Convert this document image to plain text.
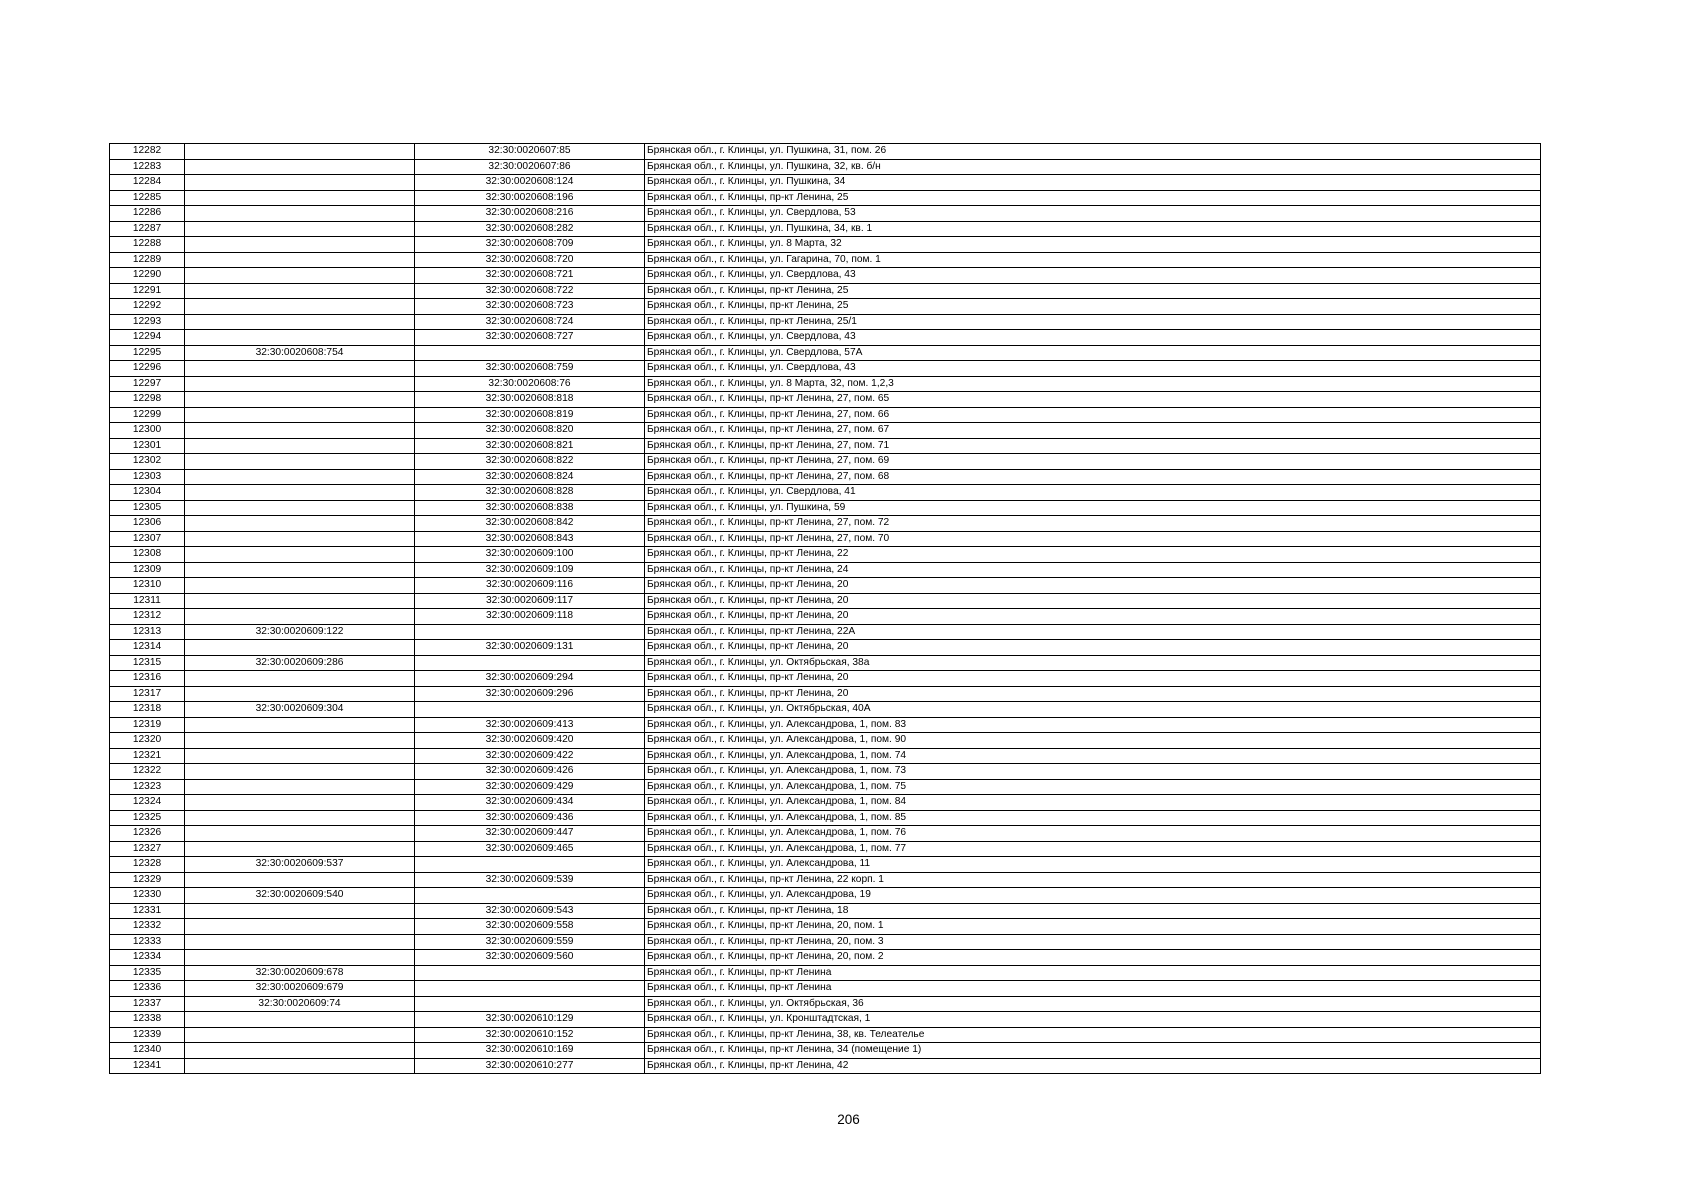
12282		32:30:0020607:85	Брянская обл., г. Клинцы, ул. Пушкина, 31, пом. 26
12283		32:30:0020607:86	Брянская обл., г. Клинцы, ул. Пушкина, 32, кв. б/н
12284		32:30:0020608:124	Брянская обл., г. Клинцы, ул. Пушкина, 34
12285		32:30:0020608:196	Брянская обл., г. Клинцы, пр-кт Ленина, 25
12286		32:30:0020608:216	Брянская обл., г. Клинцы, ул. Свердлова, 53
12287		32:30:0020608:282	Брянская обл., г. Клинцы, ул. Пушкина, 34, кв. 1
12288		32:30:0020608:709	Брянская обл., г. Клинцы, ул. 8 Марта, 32
12289		32:30:0020608:720	Брянская обл., г. Клинцы, ул. Гагарина, 70, пом. 1
12290		32:30:0020608:721	Брянская обл., г. Клинцы, ул. Свердлова, 43
12291		32:30:0020608:722	Брянская обл., г. Клинцы, пр-кт Ленина, 25
12292		32:30:0020608:723	Брянская обл., г. Клинцы, пр-кт Ленина, 25
12293		32:30:0020608:724	Брянская обл., г. Клинцы, пр-кт Ленина, 25/1
12294		32:30:0020608:727	Брянская обл., г. Клинцы, ул. Свердлова, 43
12295	32:30:0020608:754		Брянская обл., г. Клинцы, ул. Свердлова, 57А
12296		32:30:0020608:759	Брянская обл., г. Клинцы, ул. Свердлова, 43
12297		32:30:0020608:76	Брянская обл., г. Клинцы, ул. 8 Марта, 32, пом. 1,2,3
12298		32:30:0020608:818	Брянская обл., г. Клинцы, пр-кт Ленина, 27, пом. 65
12299		32:30:0020608:819	Брянская обл., г. Клинцы, пр-кт Ленина, 27, пом. 66
12300		32:30:0020608:820	Брянская обл., г. Клинцы, пр-кт Ленина, 27, пом. 67
12301		32:30:0020608:821	Брянская обл., г. Клинцы, пр-кт Ленина, 27, пом. 71
12302		32:30:0020608:822	Брянская обл., г. Клинцы, пр-кт Ленина, 27, пом. 69
12303		32:30:0020608:824	Брянская обл., г. Клинцы, пр-кт Ленина, 27, пом. 68
12304		32:30:0020608:828	Брянская обл., г. Клинцы, ул. Свердлова, 41
12305		32:30:0020608:838	Брянская обл., г. Клинцы, ул. Пушкина, 59
12306		32:30:0020608:842	Брянская обл., г. Клинцы, пр-кт Ленина, 27, пом. 72
12307		32:30:0020608:843	Брянская обл., г. Клинцы, пр-кт Ленина, 27, пом. 70
12308		32:30:0020609:100	Брянская обл., г. Клинцы, пр-кт Ленина, 22
12309		32:30:0020609:109	Брянская обл., г. Клинцы, пр-кт Ленина, 24
12310		32:30:0020609:116	Брянская обл., г. Клинцы, пр-кт Ленина, 20
12311		32:30:0020609:117	Брянская обл., г. Клинцы, пр-кт Ленина, 20
12312		32:30:0020609:118	Брянская обл., г. Клинцы, пр-кт Ленина, 20
12313	32:30:0020609:122		Брянская обл., г. Клинцы, пр-кт Ленина, 22А
12314		32:30:0020609:131	Брянская обл., г. Клинцы, пр-кт Ленина, 20
12315	32:30:0020609:286		Брянская обл., г. Клинцы, ул. Октябрьская, 38а
12316		32:30:0020609:294	Брянская обл., г. Клинцы, пр-кт Ленина, 20
12317		32:30:0020609:296	Брянская обл., г. Клинцы, пр-кт Ленина, 20
12318	32:30:0020609:304		Брянская обл., г. Клинцы, ул. Октябрьская, 40А
12319		32:30:0020609:413	Брянская обл., г. Клинцы, ул. Александрова, 1, пом. 83
12320		32:30:0020609:420	Брянская обл., г. Клинцы, ул. Александрова, 1, пом. 90
12321		32:30:0020609:422	Брянская обл., г. Клинцы, ул. Александрова, 1, пом. 74
12322		32:30:0020609:426	Брянская обл., г. Клинцы, ул. Александрова, 1, пом. 73
12323		32:30:0020609:429	Брянская обл., г. Клинцы, ул. Александрова, 1, пом. 75
12324		32:30:0020609:434	Брянская обл., г. Клинцы, ул. Александрова, 1, пом. 84
12325		32:30:0020609:436	Брянская обл., г. Клинцы, ул. Александрова, 1, пом. 85
12326		32:30:0020609:447	Брянская обл., г. Клинцы, ул. Александрова, 1, пом. 76
12327		32:30:0020609:465	Брянская обл., г. Клинцы, ул. Александрова, 1, пом. 77
12328	32:30:0020609:537		Брянская обл., г. Клинцы, ул. Александрова, 11
12329		32:30:0020609:539	Брянская обл., г. Клинцы, пр-кт Ленина, 22 корп. 1
12330	32:30:0020609:540		Брянская обл., г. Клинцы, ул. Александрова, 19
12331		32:30:0020609:543	Брянская обл., г. Клинцы, пр-кт Ленина, 18
12332		32:30:0020609:558	Брянская обл., г. Клинцы, пр-кт Ленина, 20, пом. 1
12333		32:30:0020609:559	Брянская обл., г. Клинцы, пр-кт Ленина, 20, пом. 3
12334		32:30:0020609:560	Брянская обл., г. Клинцы, пр-кт Ленина, 20, пом. 2
12335	32:30:0020609:678		Брянская обл., г. Клинцы, пр-кт Ленина
12336	32:30:0020609:679		Брянская обл., г. Клинцы, пр-кт Ленина
12337	32:30:0020609:74		Брянская обл., г. Клинцы, ул. Октябрьская, 36
12338		32:30:0020610:129	Брянская обл., г. Клинцы, ул. Кронштадтская, 1
12339		32:30:0020610:152	Брянская обл., г. Клинцы, пр-кт Ленина, 38, кв. Телеателье
12340		32:30:0020610:169	Брянская обл., г. Клинцы, пр-кт Ленина, 34 (помещение 1)
12341		32:30:0020610:277	Брянская обл., г. Клинцы, пр-кт Ленина, 42
206
